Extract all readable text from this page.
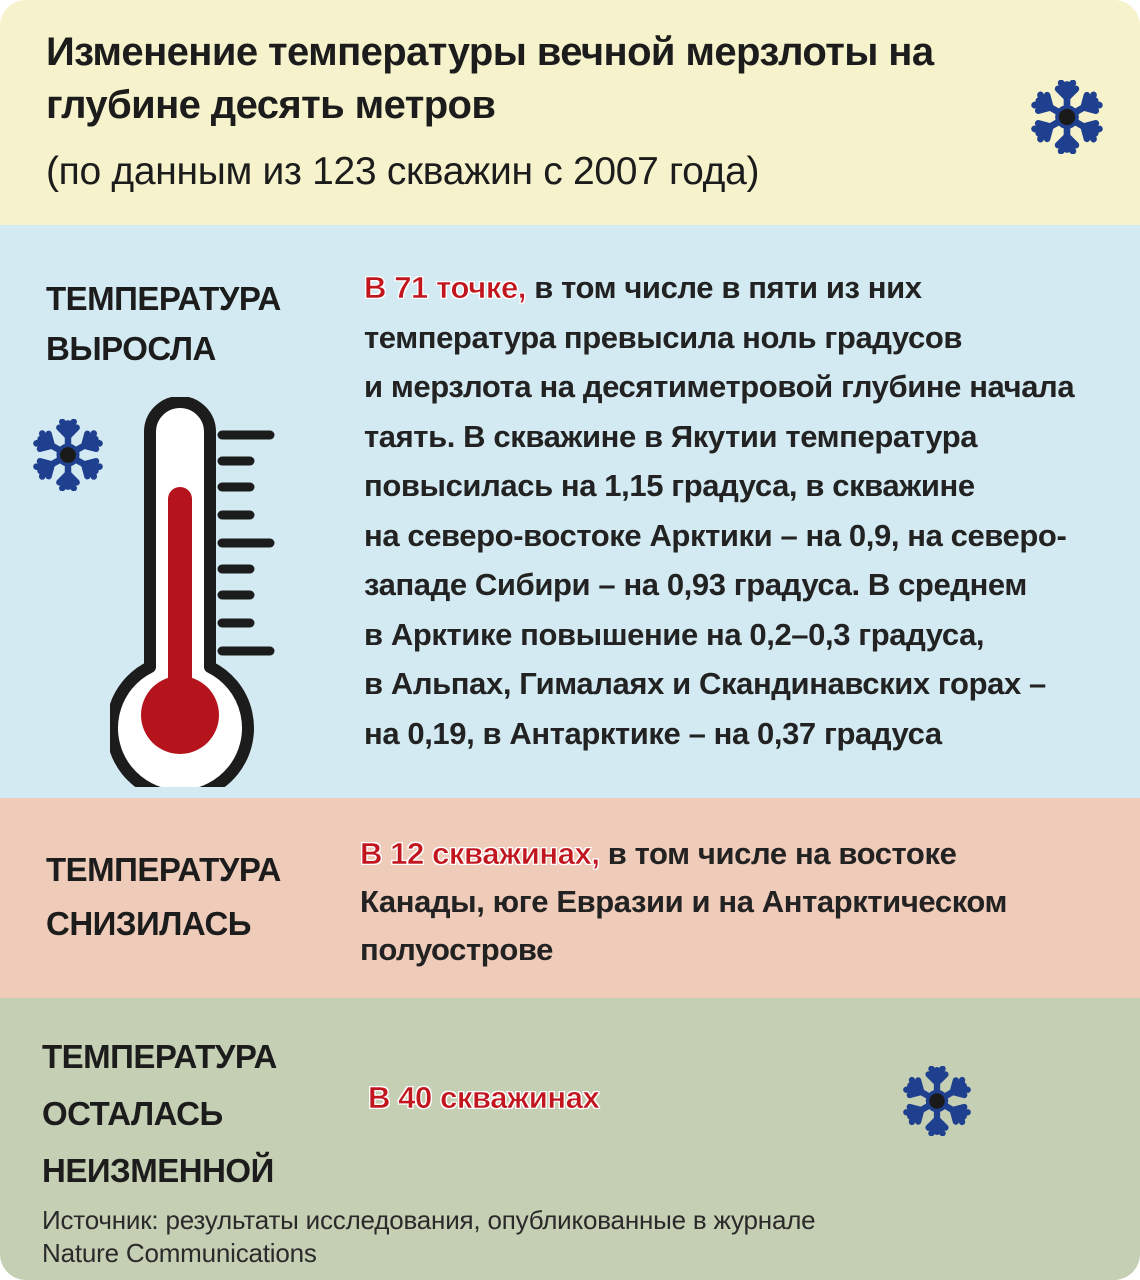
Изменение температуры вечной мерзлоты на глубине десять метров
(по данным из 123 скважин с 2007 года)
ТЕМПЕРАТУРА
ВЫРОСЛА
В 71 точке, в том числе в пяти из них
температура превысила ноль градусов
и мерзлота на десятиметровой глубине начала
таять. В скважине в Якутии температура
повысилась на 1,15 градуса, в скважине
на северо-востоке Арктики – на 0,9, на северо-
западе Сибири – на 0,93 градуса. В среднем
в Арктике повышение на 0,2–0,3 градуса,
в Альпах, Гималаях и Скандинавских горах –
на 0,19, в Антарктике – на 0,37 градуса
ТЕМПЕРАТУРА
СНИЗИЛАСЬ
В 12 скважинах, в том числе на востоке
Канады, юге Евразии и на Антарктическом
полуострове
ТЕМПЕРАТУРА
ОСТАЛАСЬ
НЕИЗМЕННОЙ
В 40 скважинах
Источник: результаты исследования, опубликованные в журнале
Nature Communications
